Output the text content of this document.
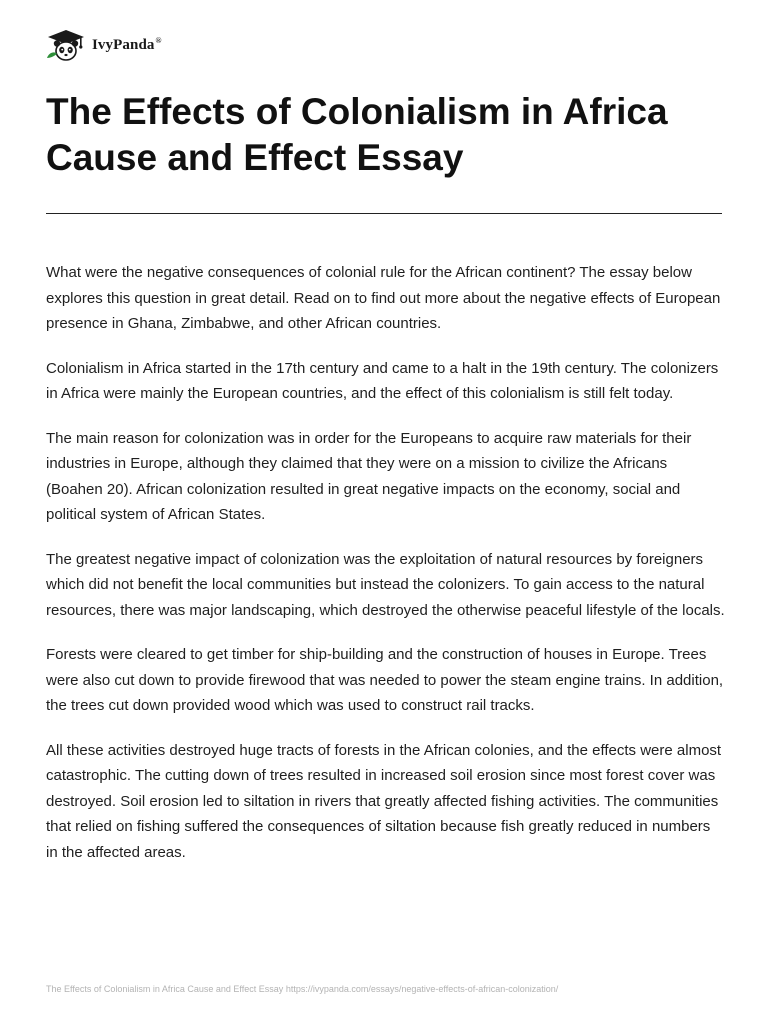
IvyPanda®
The Effects of Colonialism in Africa Cause and Effect Essay

What were the negative consequences of colonial rule for the African continent? The essay below explores this question in great detail. Read on to find out more about the negative effects of European presence in Ghana, Zimbabwe, and other African countries.

Colonialism in Africa started in the 17th century and came to a halt in the 19th century. The colonizers in Africa were mainly the European countries, and the effect of this colonialism is still felt today.

The main reason for colonization was in order for the Europeans to acquire raw materials for their industries in Europe, although they claimed that they were on a mission to civilize the Africans (Boahen 20). African colonization resulted in great negative impacts on the economy, social and political system of African States.

The greatest negative impact of colonization was the exploitation of natural resources by foreigners which did not benefit the local communities but instead the colonizers. To gain access to the natural resources, there was major landscaping, which destroyed the otherwise peaceful lifestyle of the locals.

Forests were cleared to get timber for ship-building and the construction of houses in Europe. Trees were also cut down to provide firewood that was needed to power the steam engine trains. In addition, the trees cut down provided wood which was used to construct rail tracks.

All these activities destroyed huge tracts of forests in the African colonies, and the effects were almost catastrophic. The cutting down of trees resulted in increased soil erosion since most forest cover was destroyed. Soil erosion led to siltation in rivers that greatly affected fishing activities. The communities that relied on fishing suffered the consequences of siltation because fish greatly reduced in numbers in the affected areas.

The Effects of Colonialism in Africa Cause and Effect Essay https://ivypanda.com/essays/negative-effects-of-african-colonization/
